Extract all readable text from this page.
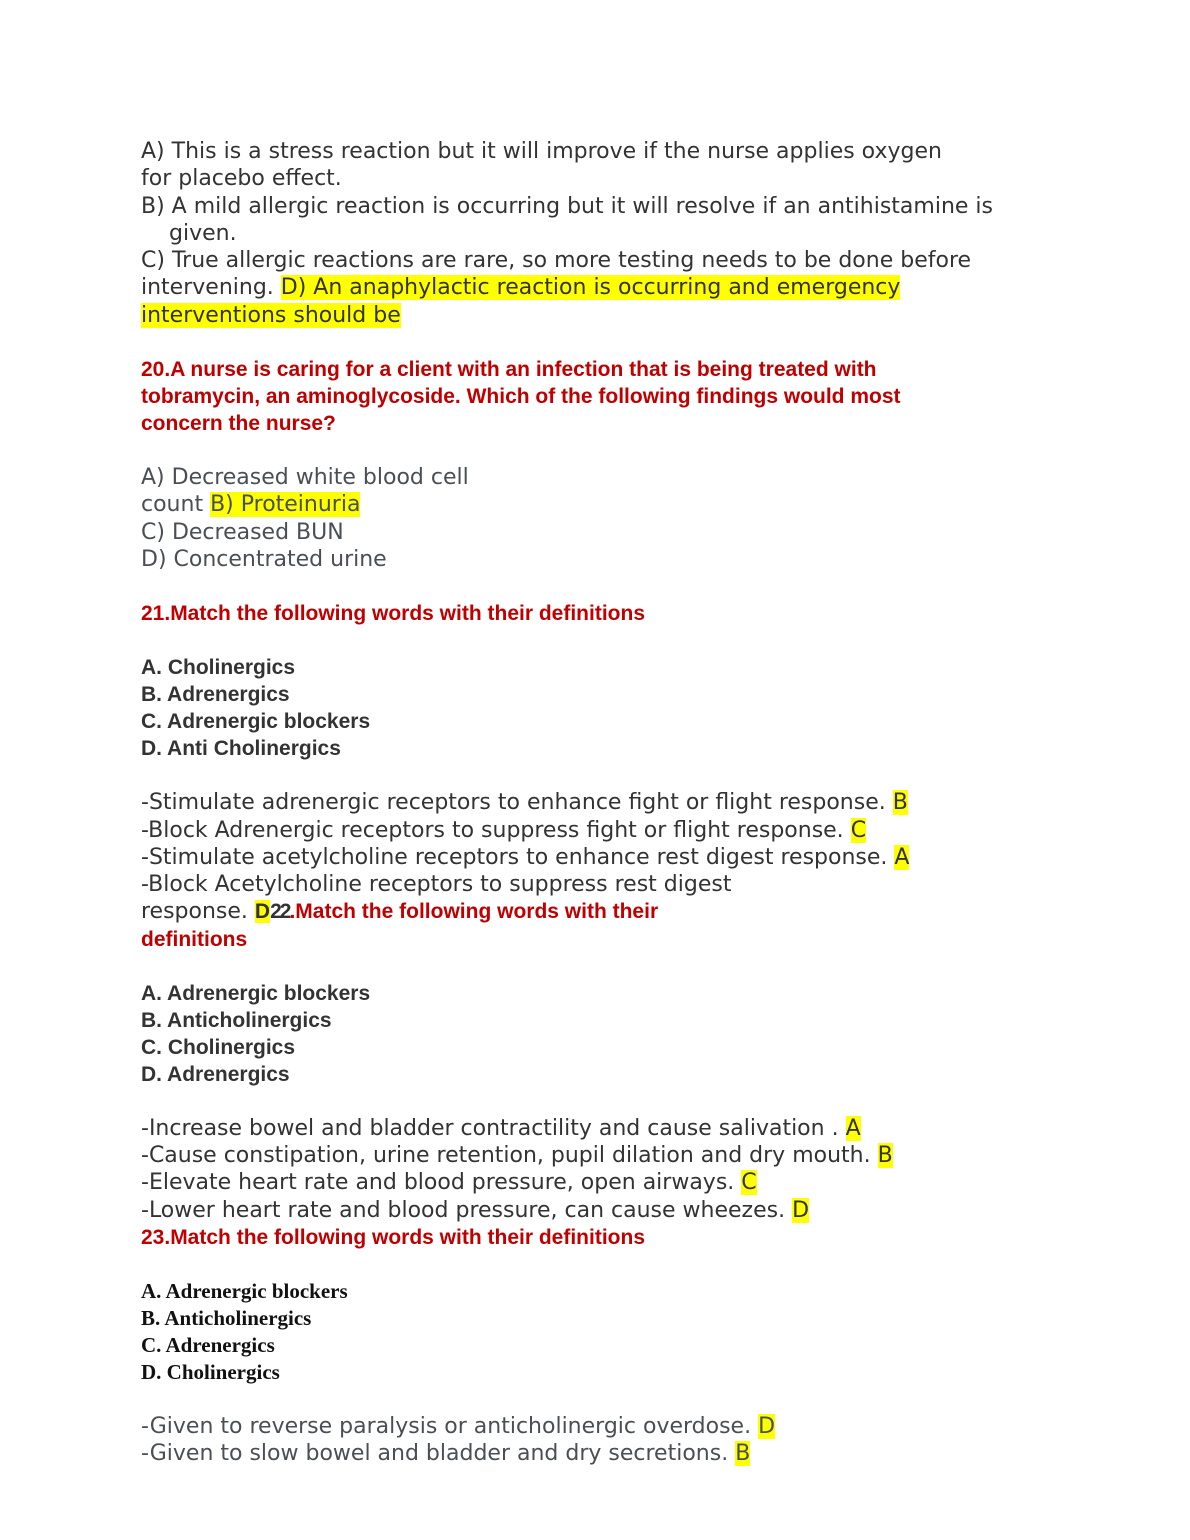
A) This is a stress reaction but it will improve if the nurse applies oxygen
for placebo effect.
B) A mild allergic reaction is occurring but it will resolve if an antihistamine is
given.
C) True allergic reactions are rare, so more testing needs to be done before
intervening. D) An anaphylactic reaction is occurring and emergency
interventions should be
20.A nurse is caring for a client with an infection that is being treated with
tobramycin, an aminoglycoside. Which of the following findings would most
concern the nurse?
A) Decreased white blood cell
count B) Proteinuria
C) Decreased BUN
D) Concentrated urine
21.Match the following words with their definitions
A. Cholinergics
B. Adrenergics
C. Adrenergic blockers
D. Anti Cholinergics
-Stimulate adrenergic receptors to enhance fight or flight response. B
-Block Adrenergic receptors to suppress fight or flight response. C
-Stimulate acetylcholine receptors to enhance rest digest response. A
-Block Acetylcholine receptors to suppress rest digest
response. D22.Match the following words with their
definitions
A. Adrenergic blockers
B. Anticholinergics
C. Cholinergics
D. Adrenergics
-Increase bowel and bladder contractility and cause salivation . A
-Cause constipation, urine retention, pupil dilation and dry mouth. B
-Elevate heart rate and blood pressure, open airways. C
-Lower heart rate and blood pressure, can cause wheezes. D
23.Match the following words with their definitions
A. Adrenergic blockers
B. Anticholinergics
C. Adrenergics
D. Cholinergics
-Given to reverse paralysis or anticholinergic overdose. D
-Given to slow bowel and bladder and dry secretions. B
